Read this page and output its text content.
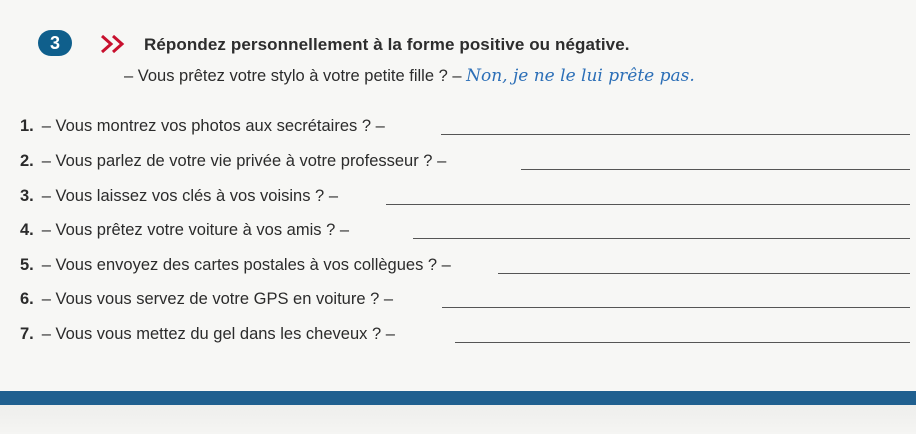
3	Répondez personnellement à la forme positive ou négative.
– Vous prêtez votre stylo à votre petite fille ? – Non, je ne le lui prête pas.
1. – Vous montrez vos photos aux secrétaires ? –
2. – Vous parlez de votre vie privée à votre professeur ? –
3. – Vous laissez vos clés à vos voisins ? –
4. – Vous prêtez votre voiture à vos amis ? –
5. – Vous envoyez des cartes postales à vos collègues ? –
6. – Vous vous servez de votre GPS en voiture ? –
7. – Vous vous mettez du gel dans les cheveux ? –
